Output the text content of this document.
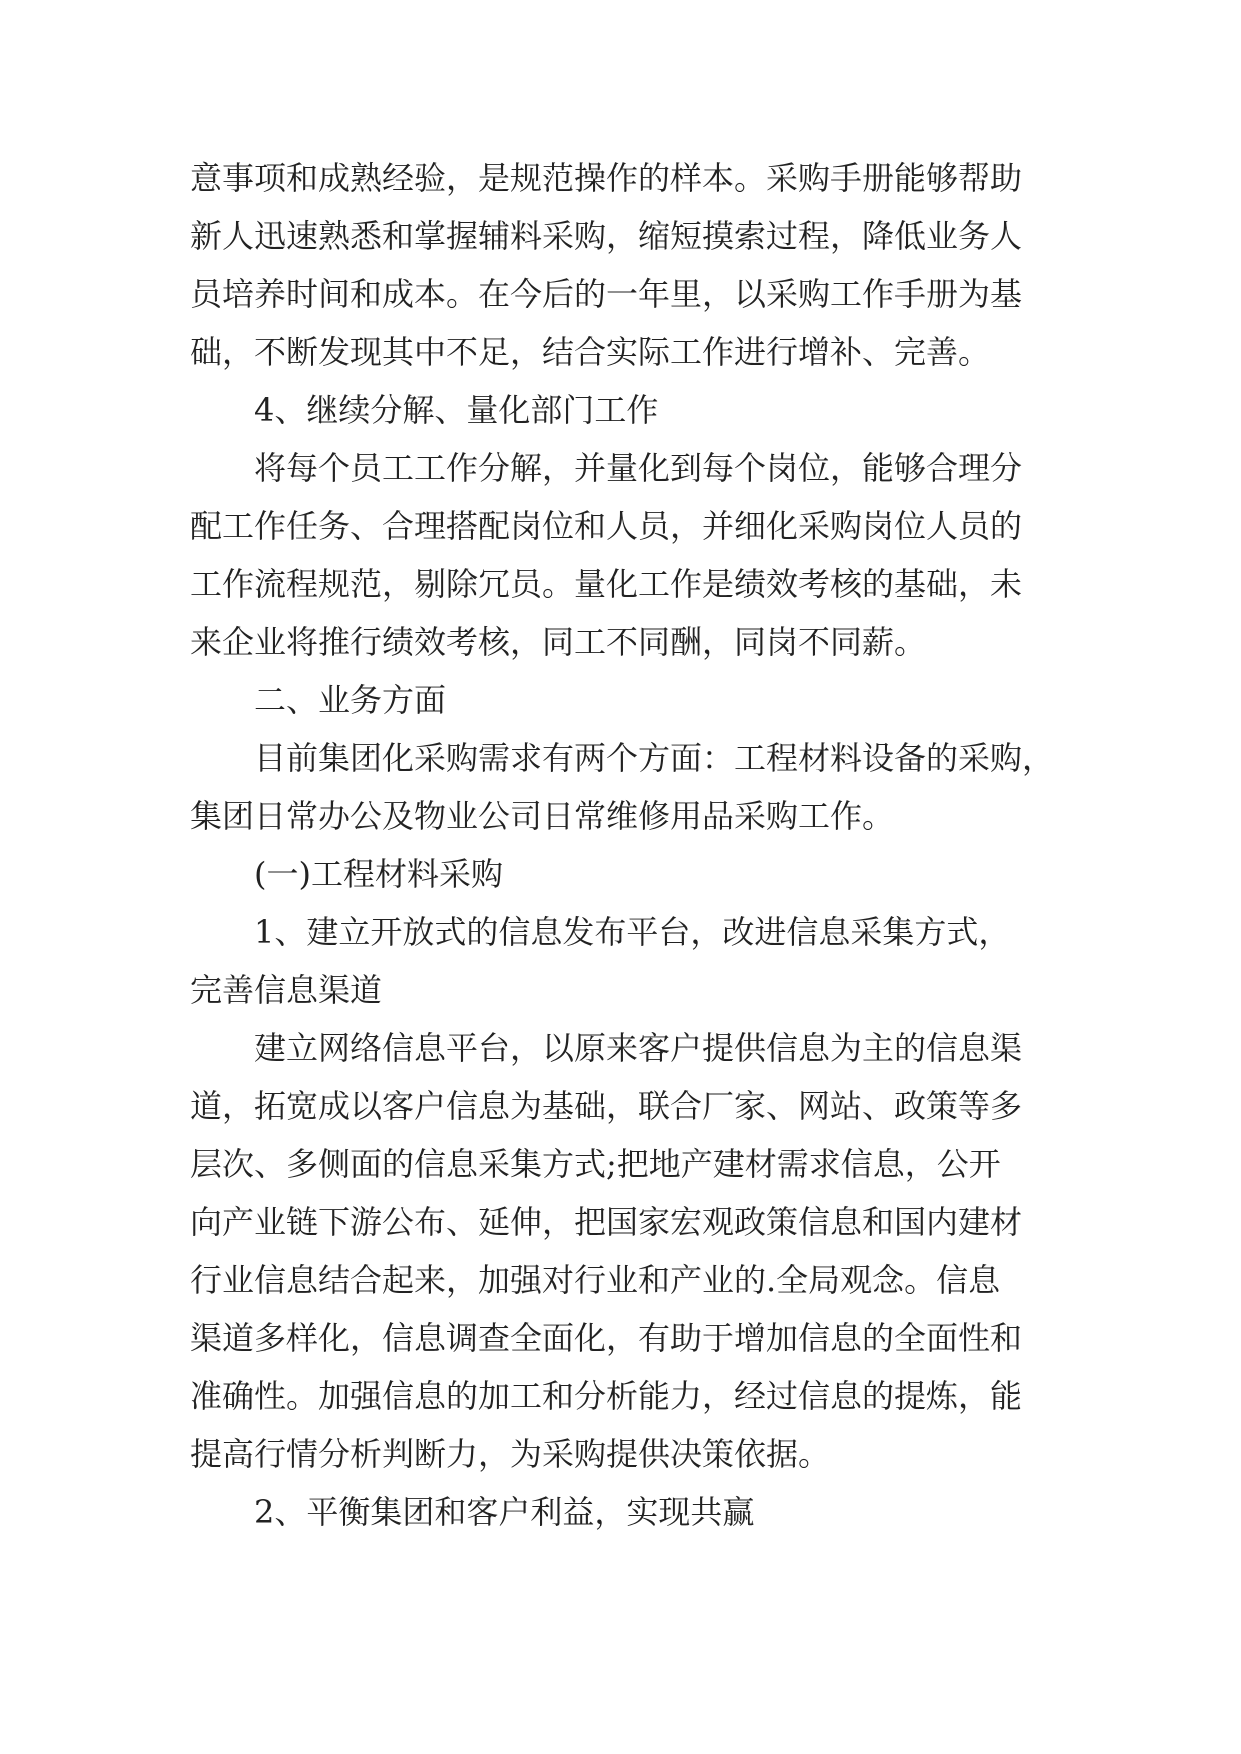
意事项和成熟经验，是规范操作的样本。采购手册能够帮助
新人迅速熟悉和掌握辅料采购，缩短摸索过程，降低业务人
员培养时间和成本。在今后的一年里，以采购工作手册为基
础，不断发现其中不足，结合实际工作进行增补、完善。
4、继续分解、量化部门工作
将每个员工工作分解，并量化到每个岗位，能够合理分
配工作任务、合理搭配岗位和人员，并细化采购岗位人员的
工作流程规范，剔除冗员。量化工作是绩效考核的基础，未
来企业将推行绩效考核，同工不同酬，同岗不同薪。
二、业务方面
目前集团化采购需求有两个方面：工程材料设备的采购，
集团日常办公及物业公司日常维修用品采购工作。
(一)工程材料采购
1、建立开放式的信息发布平台，改进信息采集方式，
完善信息渠道
建立网络信息平台，以原来客户提供信息为主的信息渠
道，拓宽成以客户信息为基础，联合厂家、网站、政策等多
层次、多侧面的信息采集方式;把地产建材需求信息，公开
向产业链下游公布、延伸，把国家宏观政策信息和国内建材
行业信息结合起来，加强对行业和产业的.全局观念。信息
渠道多样化，信息调查全面化，有助于增加信息的全面性和
准确性。加强信息的加工和分析能力，经过信息的提炼，能
提高行情分析判断力，为采购提供决策依据。
2、平衡集团和客户利益，实现共赢
